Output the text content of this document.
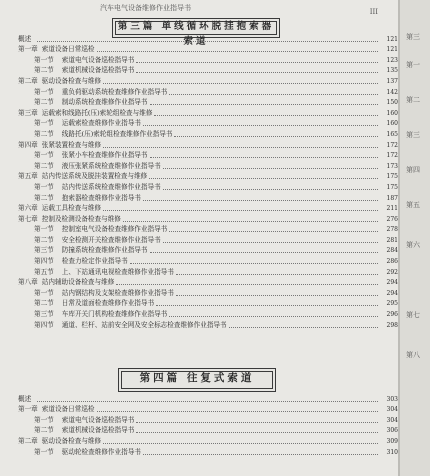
汽车电气设备维修作业指导书	III
第三篇 单线循环脱挂抱索器索道
概述	121
第一章 索道设备日常巡检	121
第一节	索道电气设备巡检指导书	123
第二节	索道机械设备巡检指导书	135
第二章 驱动设备检查与维修	137
第一节	重负荷驱动系统检查维修作业指导书	142
第二节	制动系统检查维修作业指导书	150
第三章 运载索和线路托(压)索轮组检查与维修	160
第一节	运载索检查维修作业指导书	160
第二节	线路托(压)索轮组检查维修作业指导书	165
第四章 张紧装置检查与维修	172
第一节	张紧小车检查维修作业指导书	172
第二节	液压张紧系统检查维修作业指导书	173
第五章 站内传送系统及脱挂装置检查与维修	175
第一节	站内传送系统检查维修作业指导书	175
第二节	抱索器检查维修作业指导书	187
第六章 运载工具检查与维修	211
第七章 控制及检测设备检查与维修	276
第一节	控制室电气设备检查维修作业指导书	278
第二节	安全检测开关检查维修作业指导书	281
第三节	防撞系统检查维修作业指导书	284
第四节	检查力检定作业指导书	286
第五节	上、下站通讯电视检查维修作业指导书	292
第八章 站内辅助设备检查与维修	294
第一节	站内钢结构及支架检查维修作业指导书	294
第二节	日常及道面检查维修作业指导书	295
第三节	车库开关门机构检查维修作业指导书	296
第四节	通道、栏杆、站前安全网及安全标志检查维修作业指导书	298
第四篇 往复式索道
概述	303
第一章 索道设备日常巡检	304
第一节	索道电气设备巡检指导书	304
第二节	索道机械设备巡检指导书	306
第二章 驱动设备检查与维修	309
第一节	驱动轮检查维修作业指导书	310
第三
第一
第二
第三
第四
第五
第六
第七
第八
